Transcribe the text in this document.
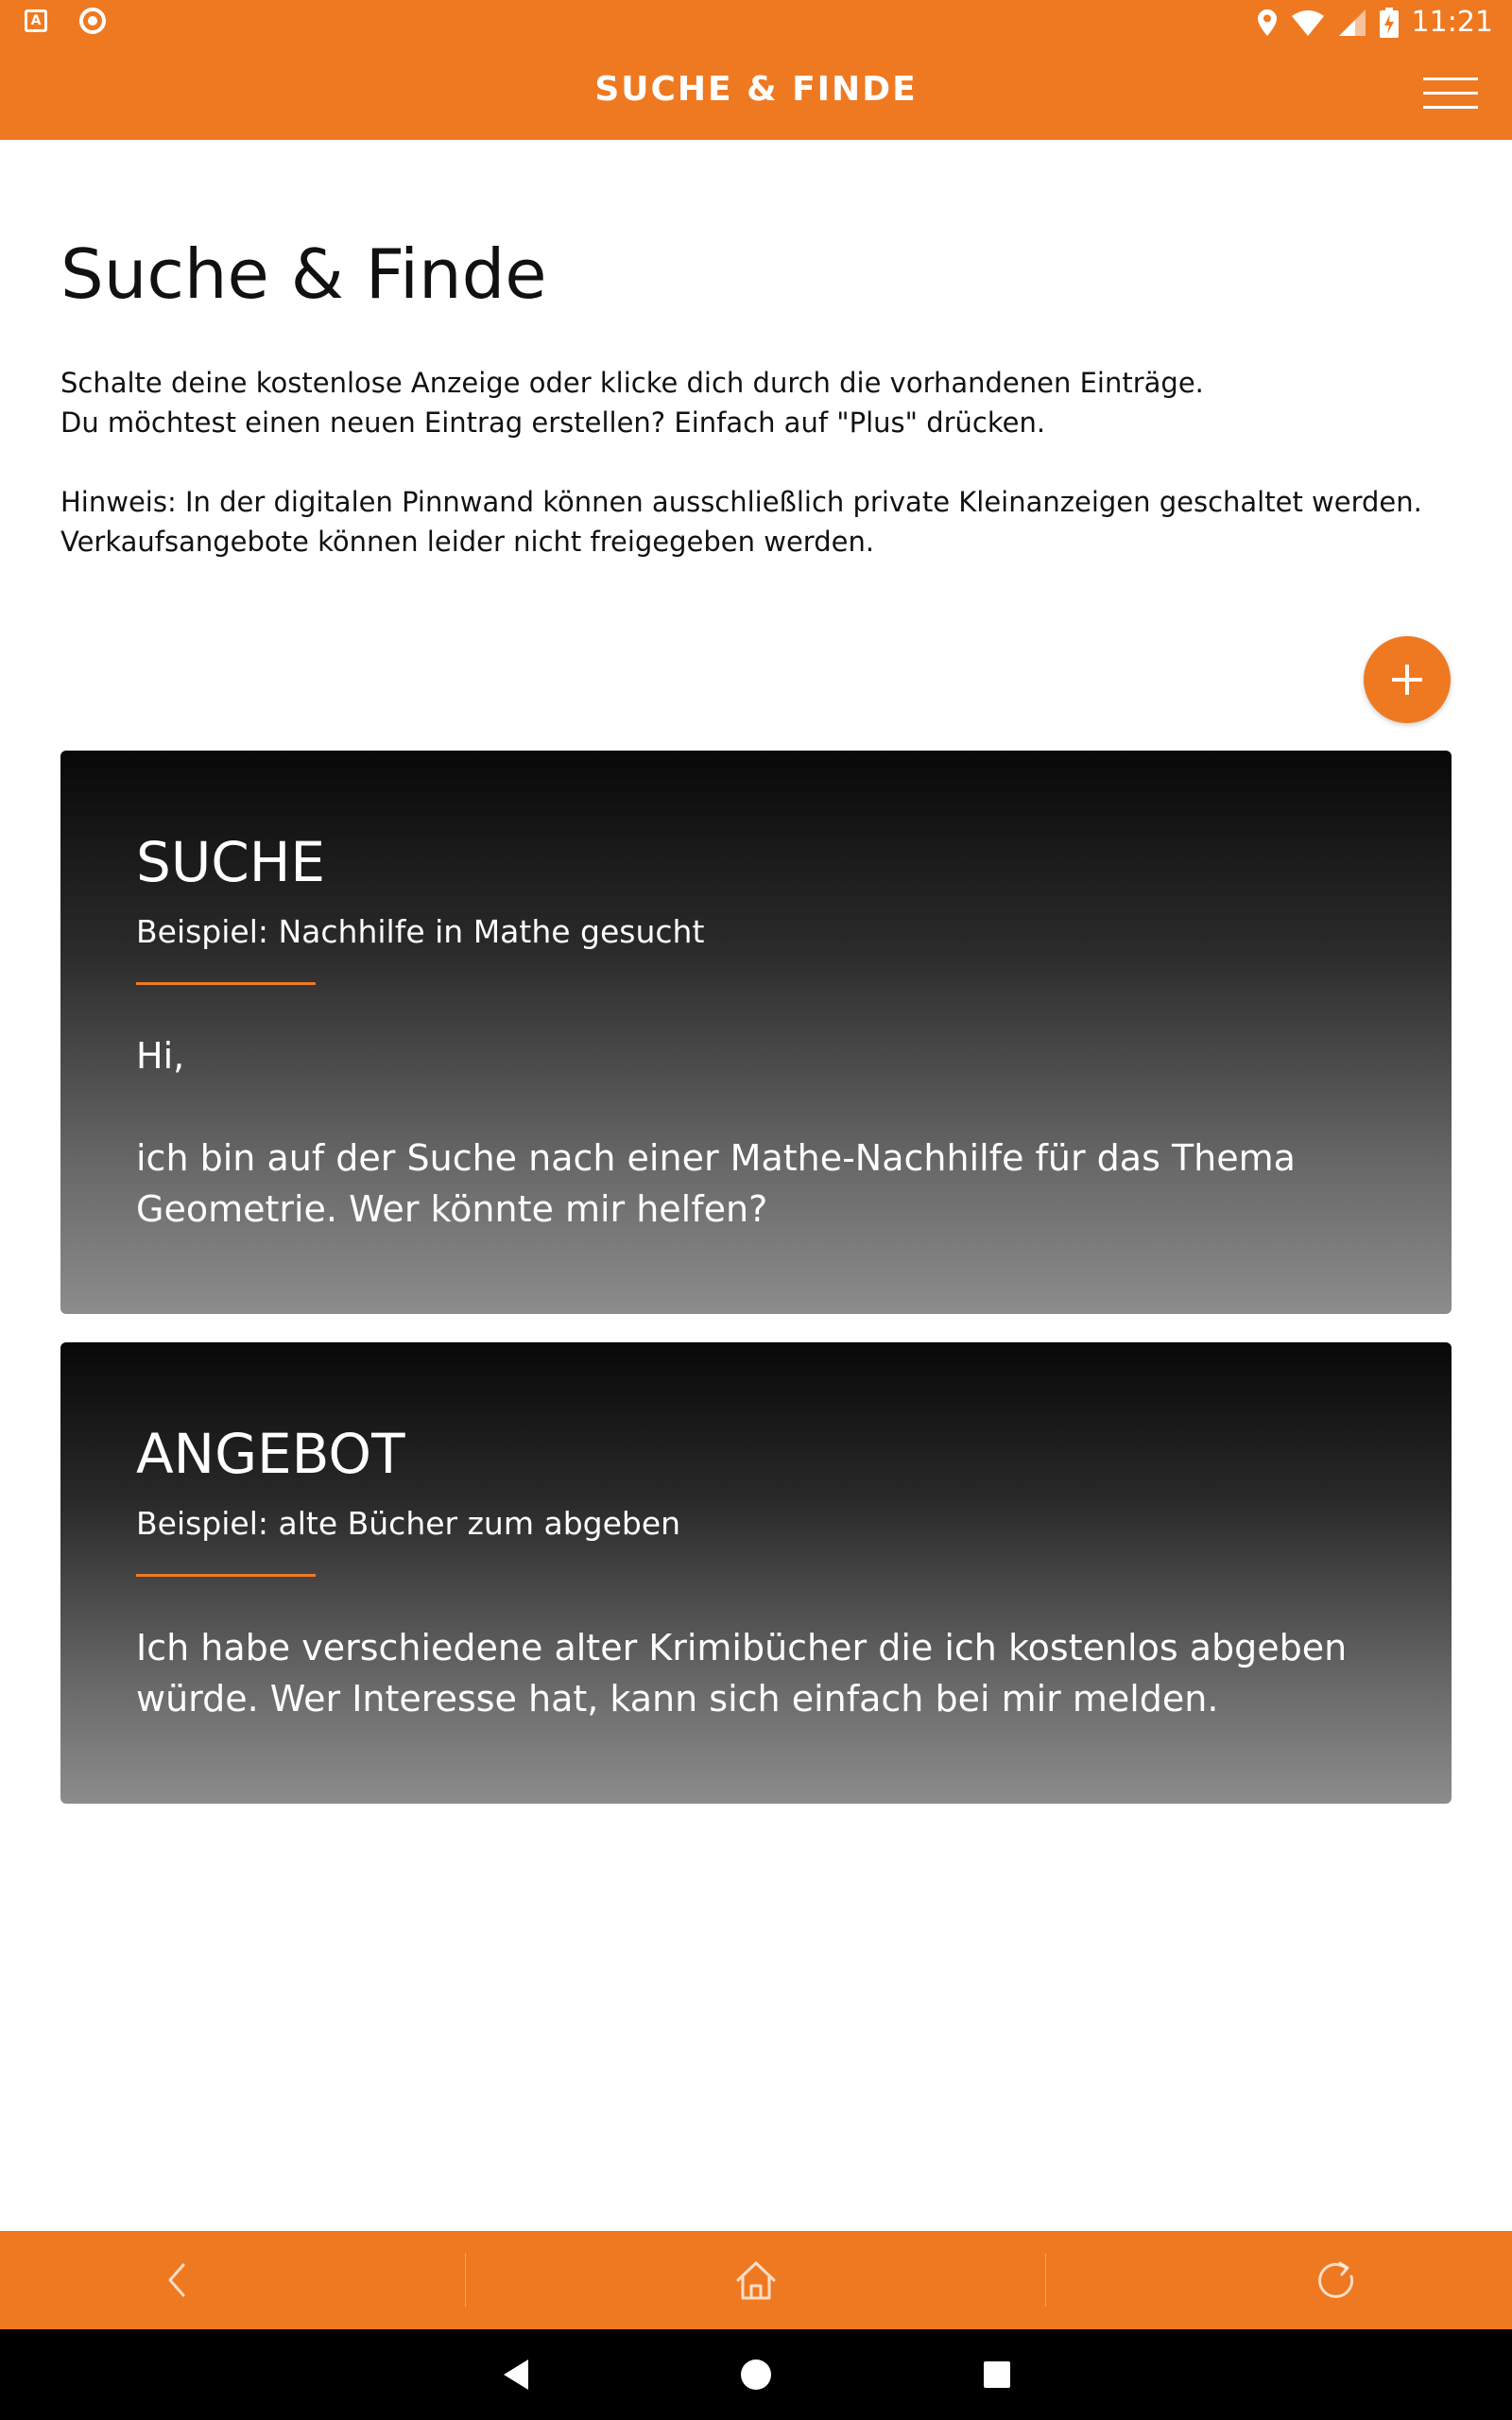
A	11:21
SUCHE & FINDE
Suche & Finde

Schalte deine kostenlose Anzeige oder klicke dich durch die vorhandenen Einträge.

Du möchtest einen neuen Eintrag erstellen? Einfach auf "Plus" drücken.

Hinweis: In der digitalen Pinnwand können ausschließlich private Kleinanzeigen geschaltet werden.

Verkaufsangebote können leider nicht freigegeben werden.

SUCHE
Beispiel: Nachhilfe in Mathe gesucht
Hi,
ich bin auf der Suche nach einer Mathe-Nachhilfe für das Thema
Geometrie. Wer könnte mir helfen?
ANGEBOT
Beispiel: alte Bücher zum abgeben
Ich habe verschiedene alter Krimibücher die ich kostenlos abgeben
würde. Wer Interesse hat, kann sich einfach bei mir melden.
